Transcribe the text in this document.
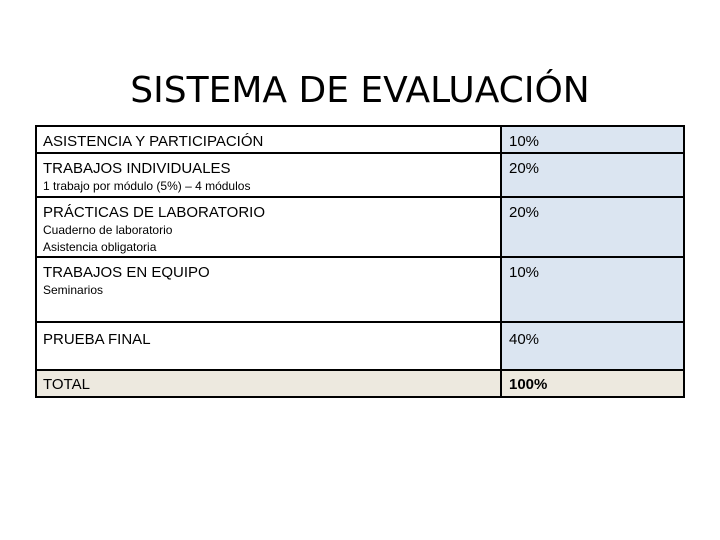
SISTEMA DE EVALUACIÓN
ASISTENCIA Y PARTICIPACIÓN	10%

TRABAJOS INDIVIDUALES
1 trabajo por módulo (5%) – 4 módulos	20%

PRÁCTICAS DE LABORATORIO
Cuaderno de laboratorio
Asistencia obligatoria	20%

TRABAJOS EN EQUIPO
Seminarios	10%

PRUEBA FINAL	40%

TOTAL	100%
